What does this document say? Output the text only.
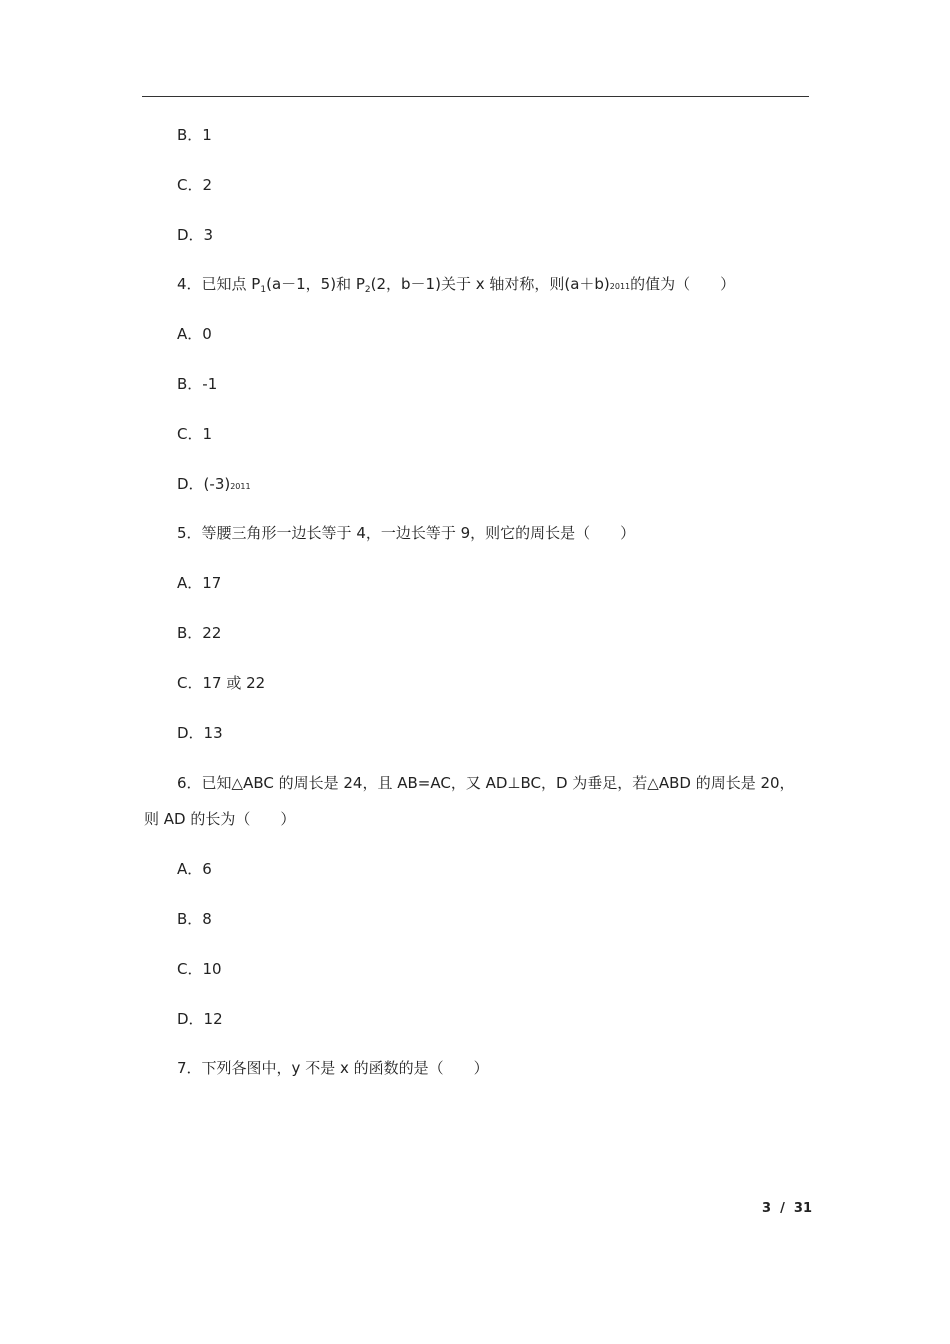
B．1
C．2
D．3
4．已知点 $P_1(a-1$，5)和 $P_2(2$，b－1)关于 x 轴对称，则(a＋b)2011的值为（　　）
A．0
B．-1
C．1
D．(-3)2011
5．等腰三角形一边长等于 4，一边长等于 9，则它的周长是（　　）
A．17
B．22
C．17 或 22
D．13
6．已知△ABC 的周长是 24，且 AB=AC，又 AD⊥BC，D 为垂足，若△ABD 的周长是 20，
则 AD 的长为（　　）
A．6
B．8
C．10
D．12
7．下列各图中，y 不是 x 的函数的是（　　）
3  /  31
